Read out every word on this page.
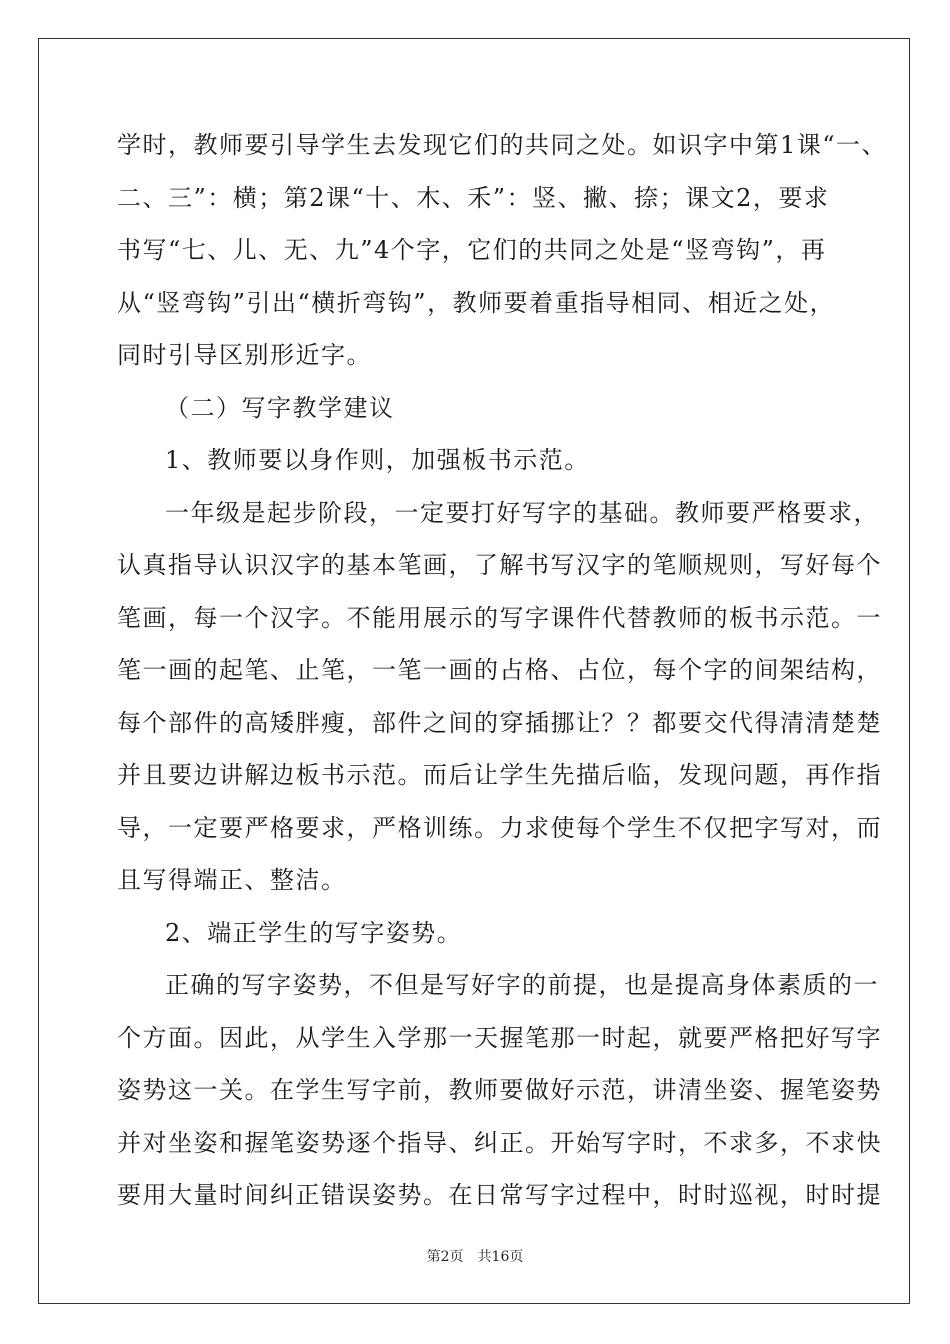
学时，教师要引导学生去发现它们的共同之处。如识字中第1课“一、
二、三”：横；第2课“十、木、禾”：竖、撇、捺；课文2，要求
书写“七、儿、无、九”4个字，它们的共同之处是“竖弯钩”，再
从“竖弯钩”引出“横折弯钩”，教师要着重指导相同、相近之处，
同时引导区别形近字。
（二）写字教学建议
1、教师要以身作则，加强板书示范。
一年级是起步阶段，一定要打好写字的基础。教师要严格要求，
认真指导认识汉字的基本笔画，了解书写汉字的笔顺规则，写好每个
笔画，每一个汉字。不能用展示的写字课件代替教师的板书示范。一
笔一画的起笔、止笔，一笔一画的占格、占位，每个字的间架结构，
每个部件的高矮胖瘦，部件之间的穿插挪让？？都要交代得清清楚楚
并且要边讲解边板书示范。而后让学生先描后临，发现问题，再作指
导，一定要严格要求，严格训练。力求使每个学生不仅把字写对，而
且写得端正、整洁。
2、端正学生的写字姿势。
正确的写字姿势，不但是写好字的前提，也是提高身体素质的一
个方面。因此，从学生入学那一天握笔那一时起，就要严格把好写字
姿势这一关。在学生写字前，教师要做好示范，讲清坐姿、握笔姿势
并对坐姿和握笔姿势逐个指导、纠正。开始写字时，不求多，不求快
要用大量时间纠正错误姿势。在日常写字过程中，时时巡视，时时提
第2页 共16页
